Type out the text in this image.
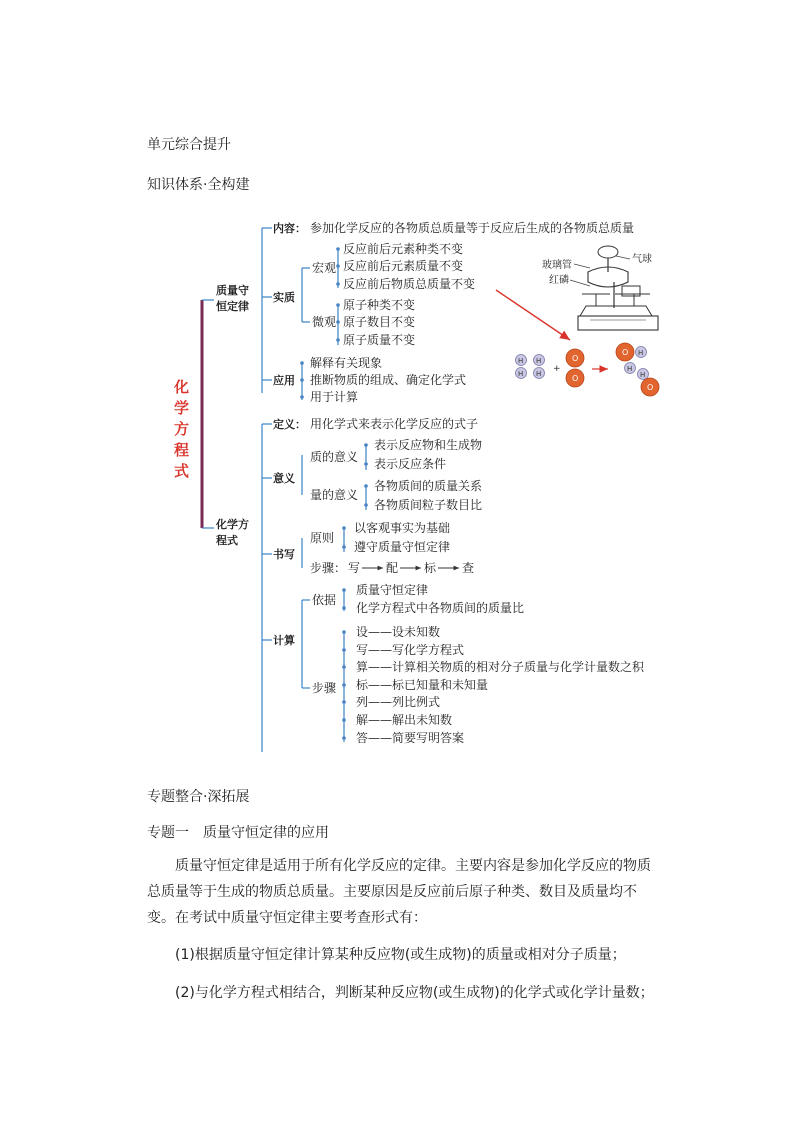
单元综合提升
知识体系·全构建
化
学
方
程
式
质量守
恒定律
化学方
程式
内容： 参加化学反应的各物质总质量等于反应后生成的各物质总质量
实质
宏观
微观
反应前后元素种类不变
反应前后元素质量不变
反应前后物质总质量不变
原子种类不变
原子数目不变
原子质量不变
应用
解释有关现象
推断物质的组成、确定化学式
用于计算
定义： 用化学式来表示化学反应的式子
意义
质的意义
量的意义
表示反应物和生成物
表示反应条件
各物质间的质量关系
各物质间粒子数目比
书写
原则
以客观事实为基础
遵守质量守恒定律
步骤： 写 配 标 查
计算
依据
质量守恒定律
化学方程式中各物质间的质量比
步骤
设——设未知数
写——写化学方程式
算——计算相关物质的相对分子质量与化学计量数之积
标——标已知量和未知量
列——列比例式
解——解出未知数
答——简要写明答案
玻璃管
气球
红磷
H
H
H
H +
O
O
O
O
H
H
H
专题整合·深拓展
专题一　质量守恒定律的应用
质量守恒定律是适用于所有化学反应的定律。主要内容是参加化学反应的物质总质量等于生成的物质总质量。主要原因是反应前后原子种类、数目及质量均不变。在考试中质量守恒定律主要考查形式有：
(1)根据质量守恒定律计算某种反应物(或生成物)的质量或相对分子质量；
(2)与化学方程式相结合，判断某种反应物(或生成物)的化学式或化学计量数；
